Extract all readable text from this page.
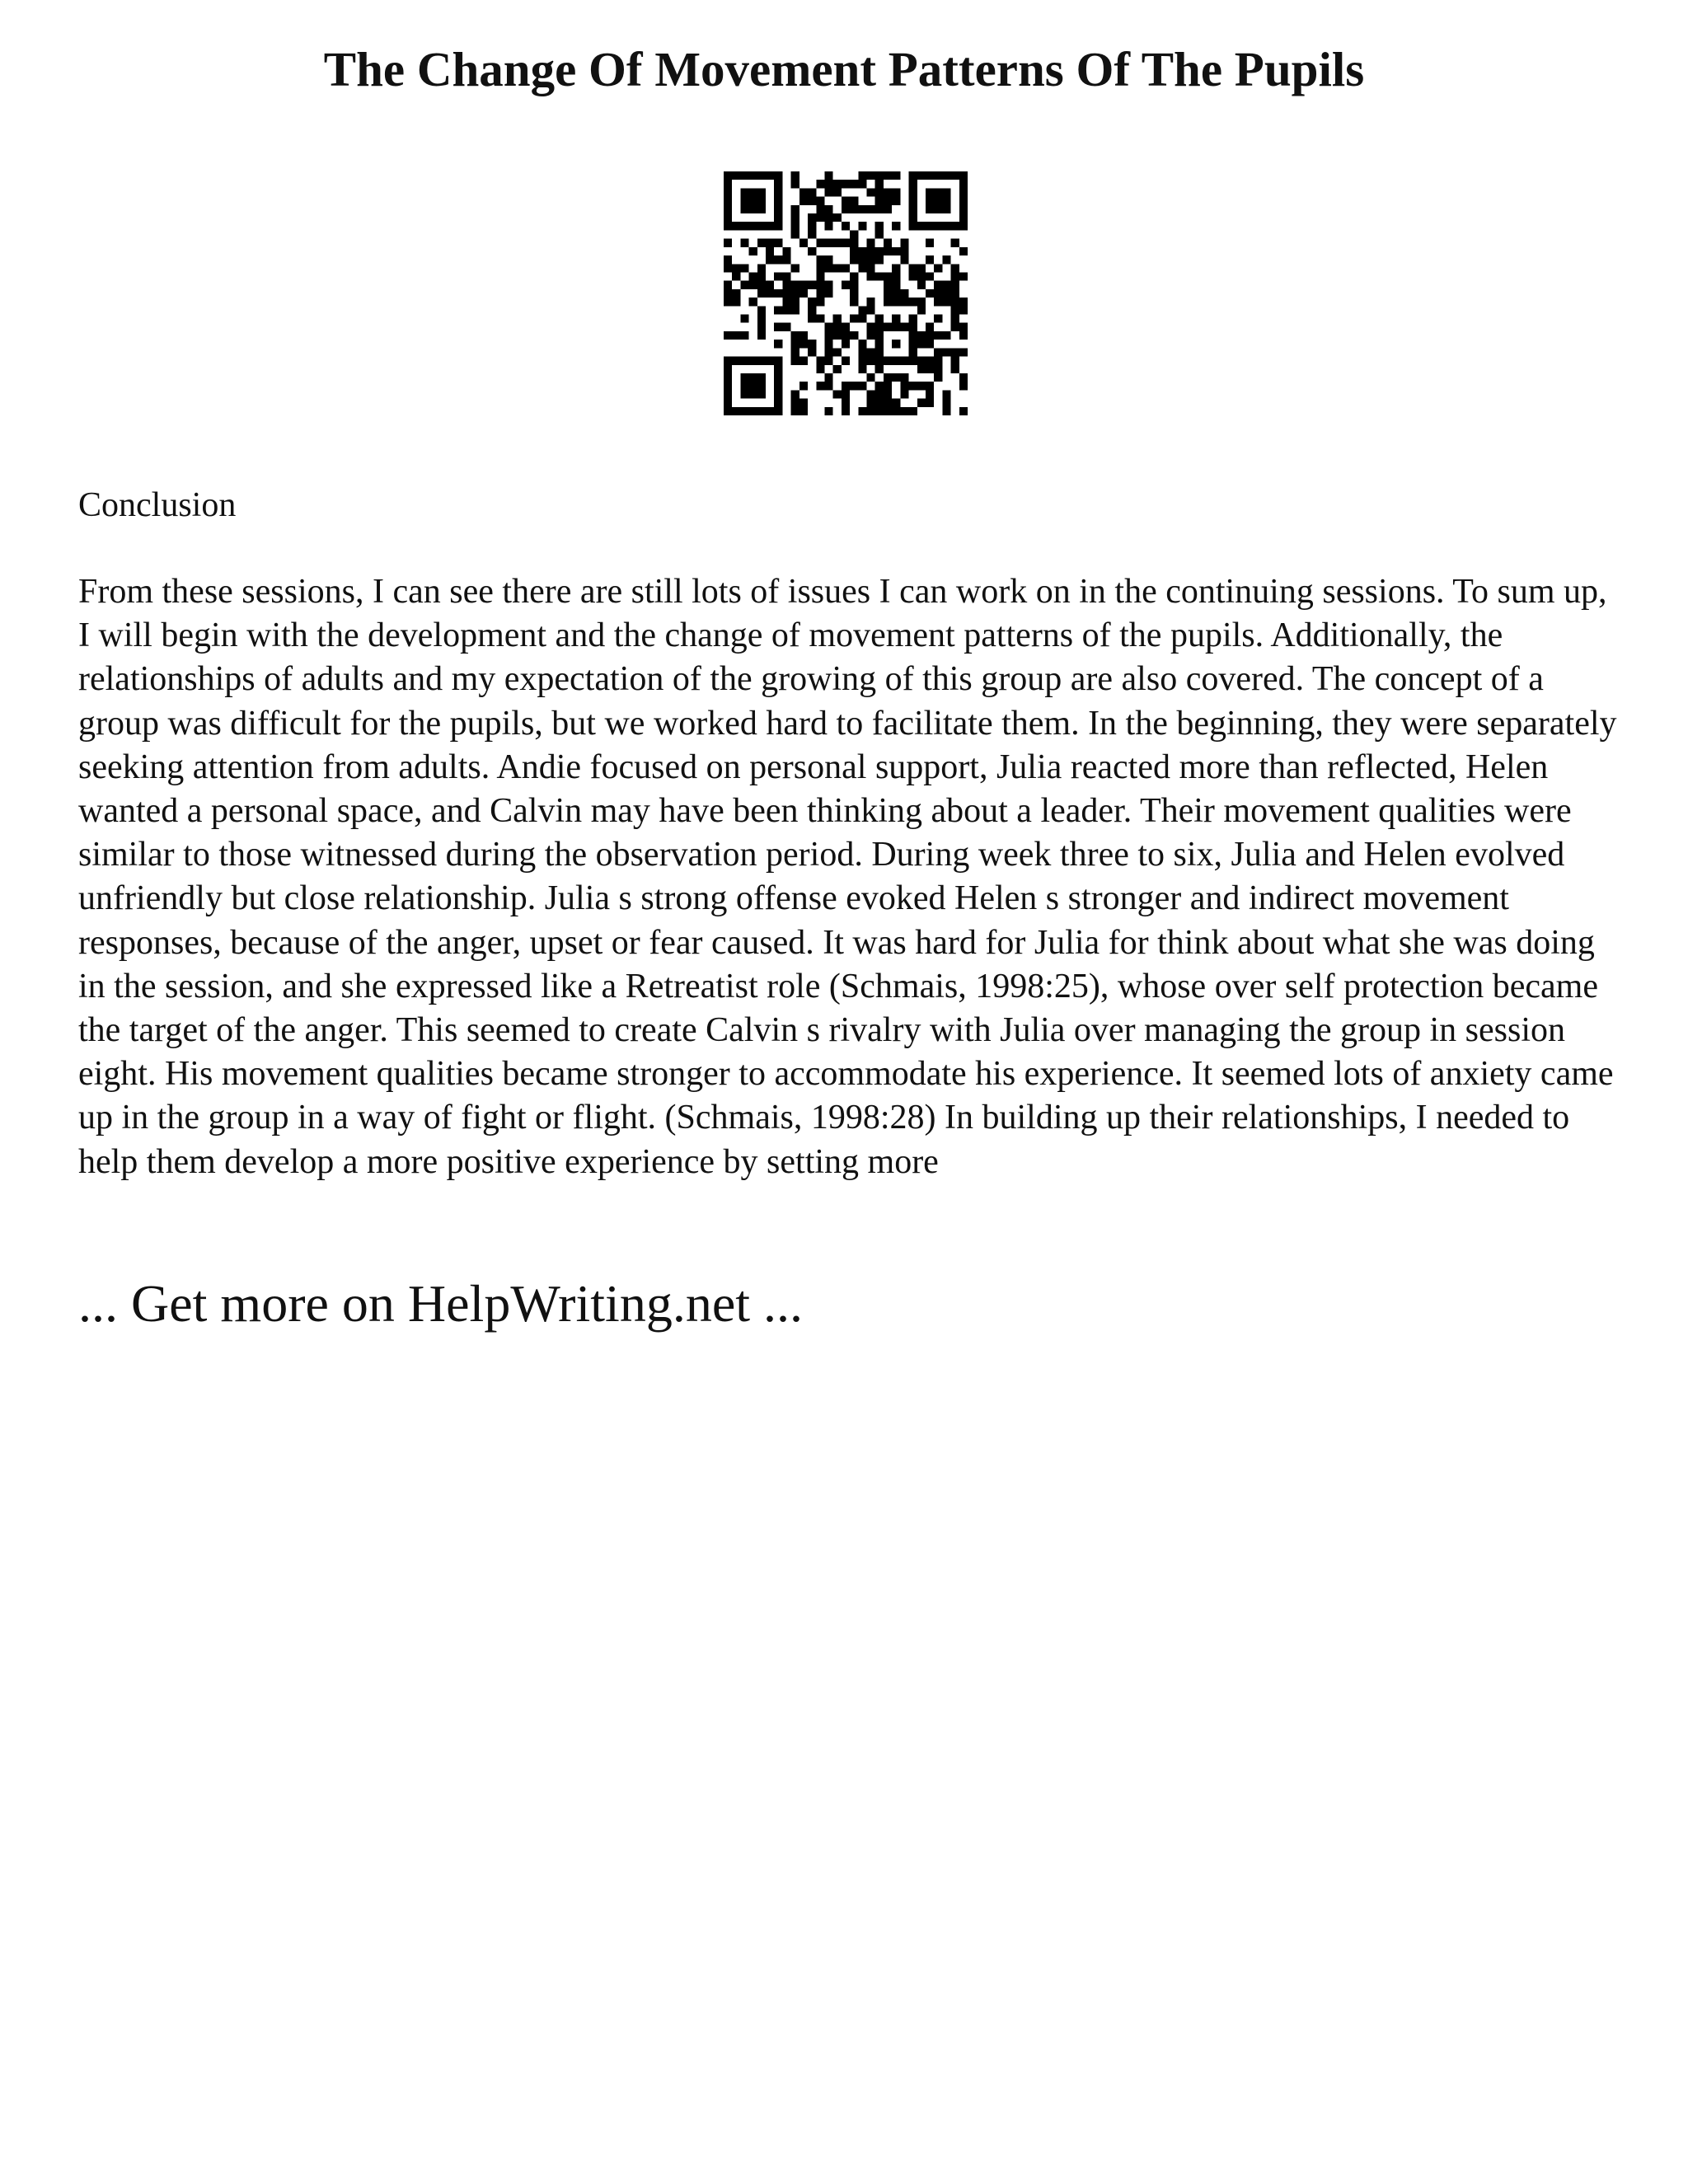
The Change Of Movement Patterns Of The Pupils
Conclusion

From these sessions, I can see there are still lots of issues I can work on in the continuing sessions. To sum up, I will begin with the development and the change of movement patterns of the pupils. Additionally, the relationships of adults and my expectation of the growing of this group are also covered. The concept of a group was difficult for the pupils, but we worked hard to facilitate them. In the beginning, they were separately seeking attention from adults. Andie focused on personal support, Julia reacted more than reflected, Helen wanted a personal space, and Calvin may have been thinking about a leader. Their movement qualities were similar to those witnessed during the observation period. During week three to six, Julia and Helen evolved unfriendly but close relationship. Julia s strong offense evoked Helen s stronger and indirect movement responses, because of the anger, upset or fear caused. It was hard for Julia for think about what she was doing in the session, and she expressed like a Retreatist role (Schmais, 1998:25), whose over self protection became the target of the anger. This seemed to create Calvin s rivalry with Julia over managing the group in session eight. His movement qualities became stronger to accommodate his experience. It seemed lots of anxiety came up in the group in a way of fight or flight. (Schmais, 1998:28) In building up their relationships, I needed to help them develop a more positive experience by setting more

... Get more on HelpWriting.net ...
